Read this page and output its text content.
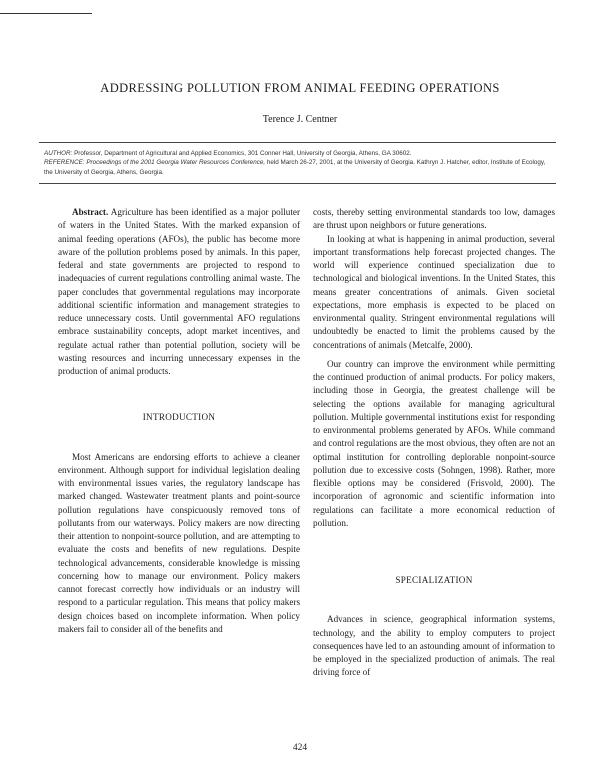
ADDRESSING POLLUTION FROM ANIMAL FEEDING OPERATIONS
Terence J. Centner
AUTHOR: Professor, Department of Agricultural and Applied Economics, 301 Conner Hall, University of Georgia, Athens, GA 30602.
REFERENCE: Proceedings of the 2001 Georgia Water Resources Conference, held March 26-27, 2001, at the University of Georgia. Kathryn J. Hatcher, editor, Institute of Ecology, the University of Georgia, Athens, Georgia.

Abstract. Agriculture has been identified as a major polluter of waters in the United States. With the marked expansion of animal feeding operations (AFOs), the public has become more aware of the pollution problems posed by animals. In this paper, federal and state governments are projected to respond to inadequacies of current regulations controlling animal waste. The paper concludes that governmental regulations may incorporate additional scientific information and management strategies to reduce unnecessary costs. Until governmental AFO regulations embrace sustainability concepts, adopt market incentives, and regulate actual rather than potential pollution, society will be wasting resources and incurring unnecessary expenses in the production of animal products.

INTRODUCTION

Most Americans are endorsing efforts to achieve a cleaner environment. Although support for individual legislation dealing with environmental issues varies, the regulatory landscape has marked changed. Wastewater treatment plants and point-source pollution regulations have conspicuously removed tons of pollutants from our waterways. Policy makers are now directing their attention to nonpoint-source pollution, and are attempting to evaluate the costs and benefits of new regulations. Despite technological advancements, considerable knowledge is missing concerning how to manage our environment. Policy makers cannot forecast correctly how individuals or an industry will respond to a particular regulation. This means that policy makers design choices based on incomplete information. When policy makers fail to consider all of the benefits and

costs, thereby setting environmental standards too low, damages are thrust upon neighbors or future generations.

In looking at what is happening in animal production, several important transformations help forecast projected changes. The world will experience continued specialization due to technological and biological inventions. In the United States, this means greater concentrations of animals. Given societal expectations, more emphasis is expected to be placed on environmental quality. Stringent environmental regulations will undoubtedly be enacted to limit the problems caused by the concentrations of animals (Metcalfe, 2000).

Our country can improve the environment while permitting the continued production of animal products. For policy makers, including those in Georgia, the greatest challenge will be selecting the options available for managing agricultural pollution. Multiple governmental institutions exist for responding to environmental problems generated by AFOs. While command and control regulations are the most obvious, they often are not an optimal institution for controlling deplorable nonpoint-source pollution due to excessive costs (Sohngen, 1998). Rather, more flexible options may be considered (Frisvold, 2000). The incorporation of agronomic and scientific information into regulations can facilitate a more economical reduction of pollution.

SPECIALIZATION

Advances in science, geographical information systems, technology, and the ability to employ computers to project consequences have led to an astounding amount of information to be employed in the specialized production of animals. The real driving force of

424
